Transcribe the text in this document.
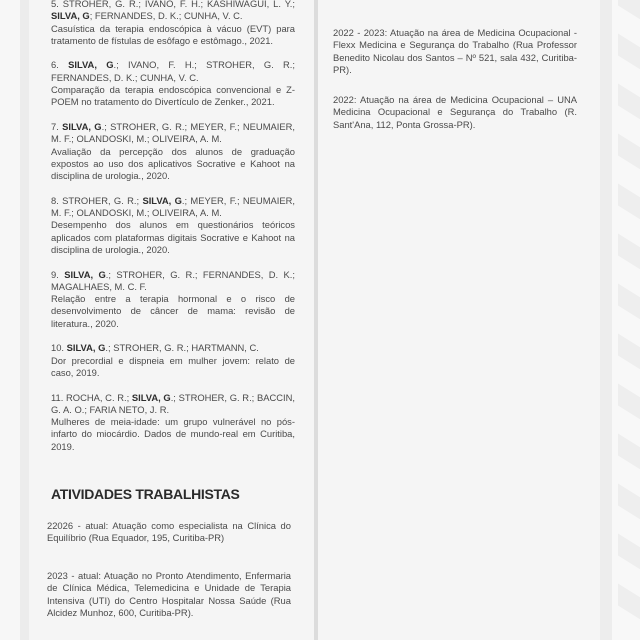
5. STROHER, G. R.; IVANO, F. H.; KASHIWAGUI, L. Y.; SILVA, G; FERNANDES, D. K.; CUNHA, V. C.
Casuística da terapia endoscópica à vácuo (EVT) para tratamento de fístulas de esôfago e estômago., 2021.
6. SILVA, G.; IVANO, F. H.; STROHER, G. R.; FERNANDES, D. K.; CUNHA, V. C.
Comparação da terapia endoscópica convencional e Z-POEM no tratamento do Divertículo de Zenker., 2021.
7. SILVA, G.; STROHER, G. R.; MEYER, F.; NEUMAIER, M. F.; OLANDOSKI, M.; OLIVEIRA, A. M.
Avaliação da percepção dos alunos de graduação expostos ao uso dos aplicativos Socrative e Kahoot na disciplina de urologia., 2020.
8. STROHER, G. R.; SILVA, G.; MEYER, F.; NEUMAIER, M. F.; OLANDOSKI, M.; OLIVEIRA, A. M.
Desempenho dos alunos em questionários teóricos aplicados com plataformas digitais Socrative e Kahoot na disciplina de urologia., 2020.
9. SILVA, G.; STROHER, G. R.; FERNANDES, D. K.; MAGALHAES, M. C. F.
Relação entre a terapia hormonal e o risco de desenvolvimento de câncer de mama: revisão de literatura., 2020.
10. SILVA, G.; STROHER, G. R.; HARTMANN, C.
Dor precordial e dispneia em mulher jovem: relato de caso, 2019.
11. ROCHA, C. R.; SILVA, G.; STROHER, G. R.; BACCIN, G. A. O.; FARIA NETO, J. R.
Mulheres de meia-idade: um grupo vulnerável no pós-infarto do miocárdio. Dados de mundo-real em Curitiba, 2019.
ATIVIDADES TRABALHISTAS
22026 - atual: Atuação como especialista na Clínica do Equilíbrio (Rua Equador, 195, Curitiba-PR)
2023 - atual: Atuação no Pronto Atendimento, Enfermaria de Clínica Médica, Telemedicina e Unidade de Terapia Intensiva (UTI) do Centro Hospitalar Nossa Saúde (Rua Alcidez Munhoz, 600, Curitiba-PR).
2022 - 2023: Atuação na área de Medicina Ocupacional - Flexx Medicina e Segurança do Trabalho (Rua Professor Benedito Nicolau dos Santos – Nº 521, sala 432, Curitiba-PR).
2022: Atuação na área de Medicina Ocupacional – UNA Medicina Ocupacional e Segurança do Trabalho (R. Sant'Ana, 112, Ponta Grossa-PR).
